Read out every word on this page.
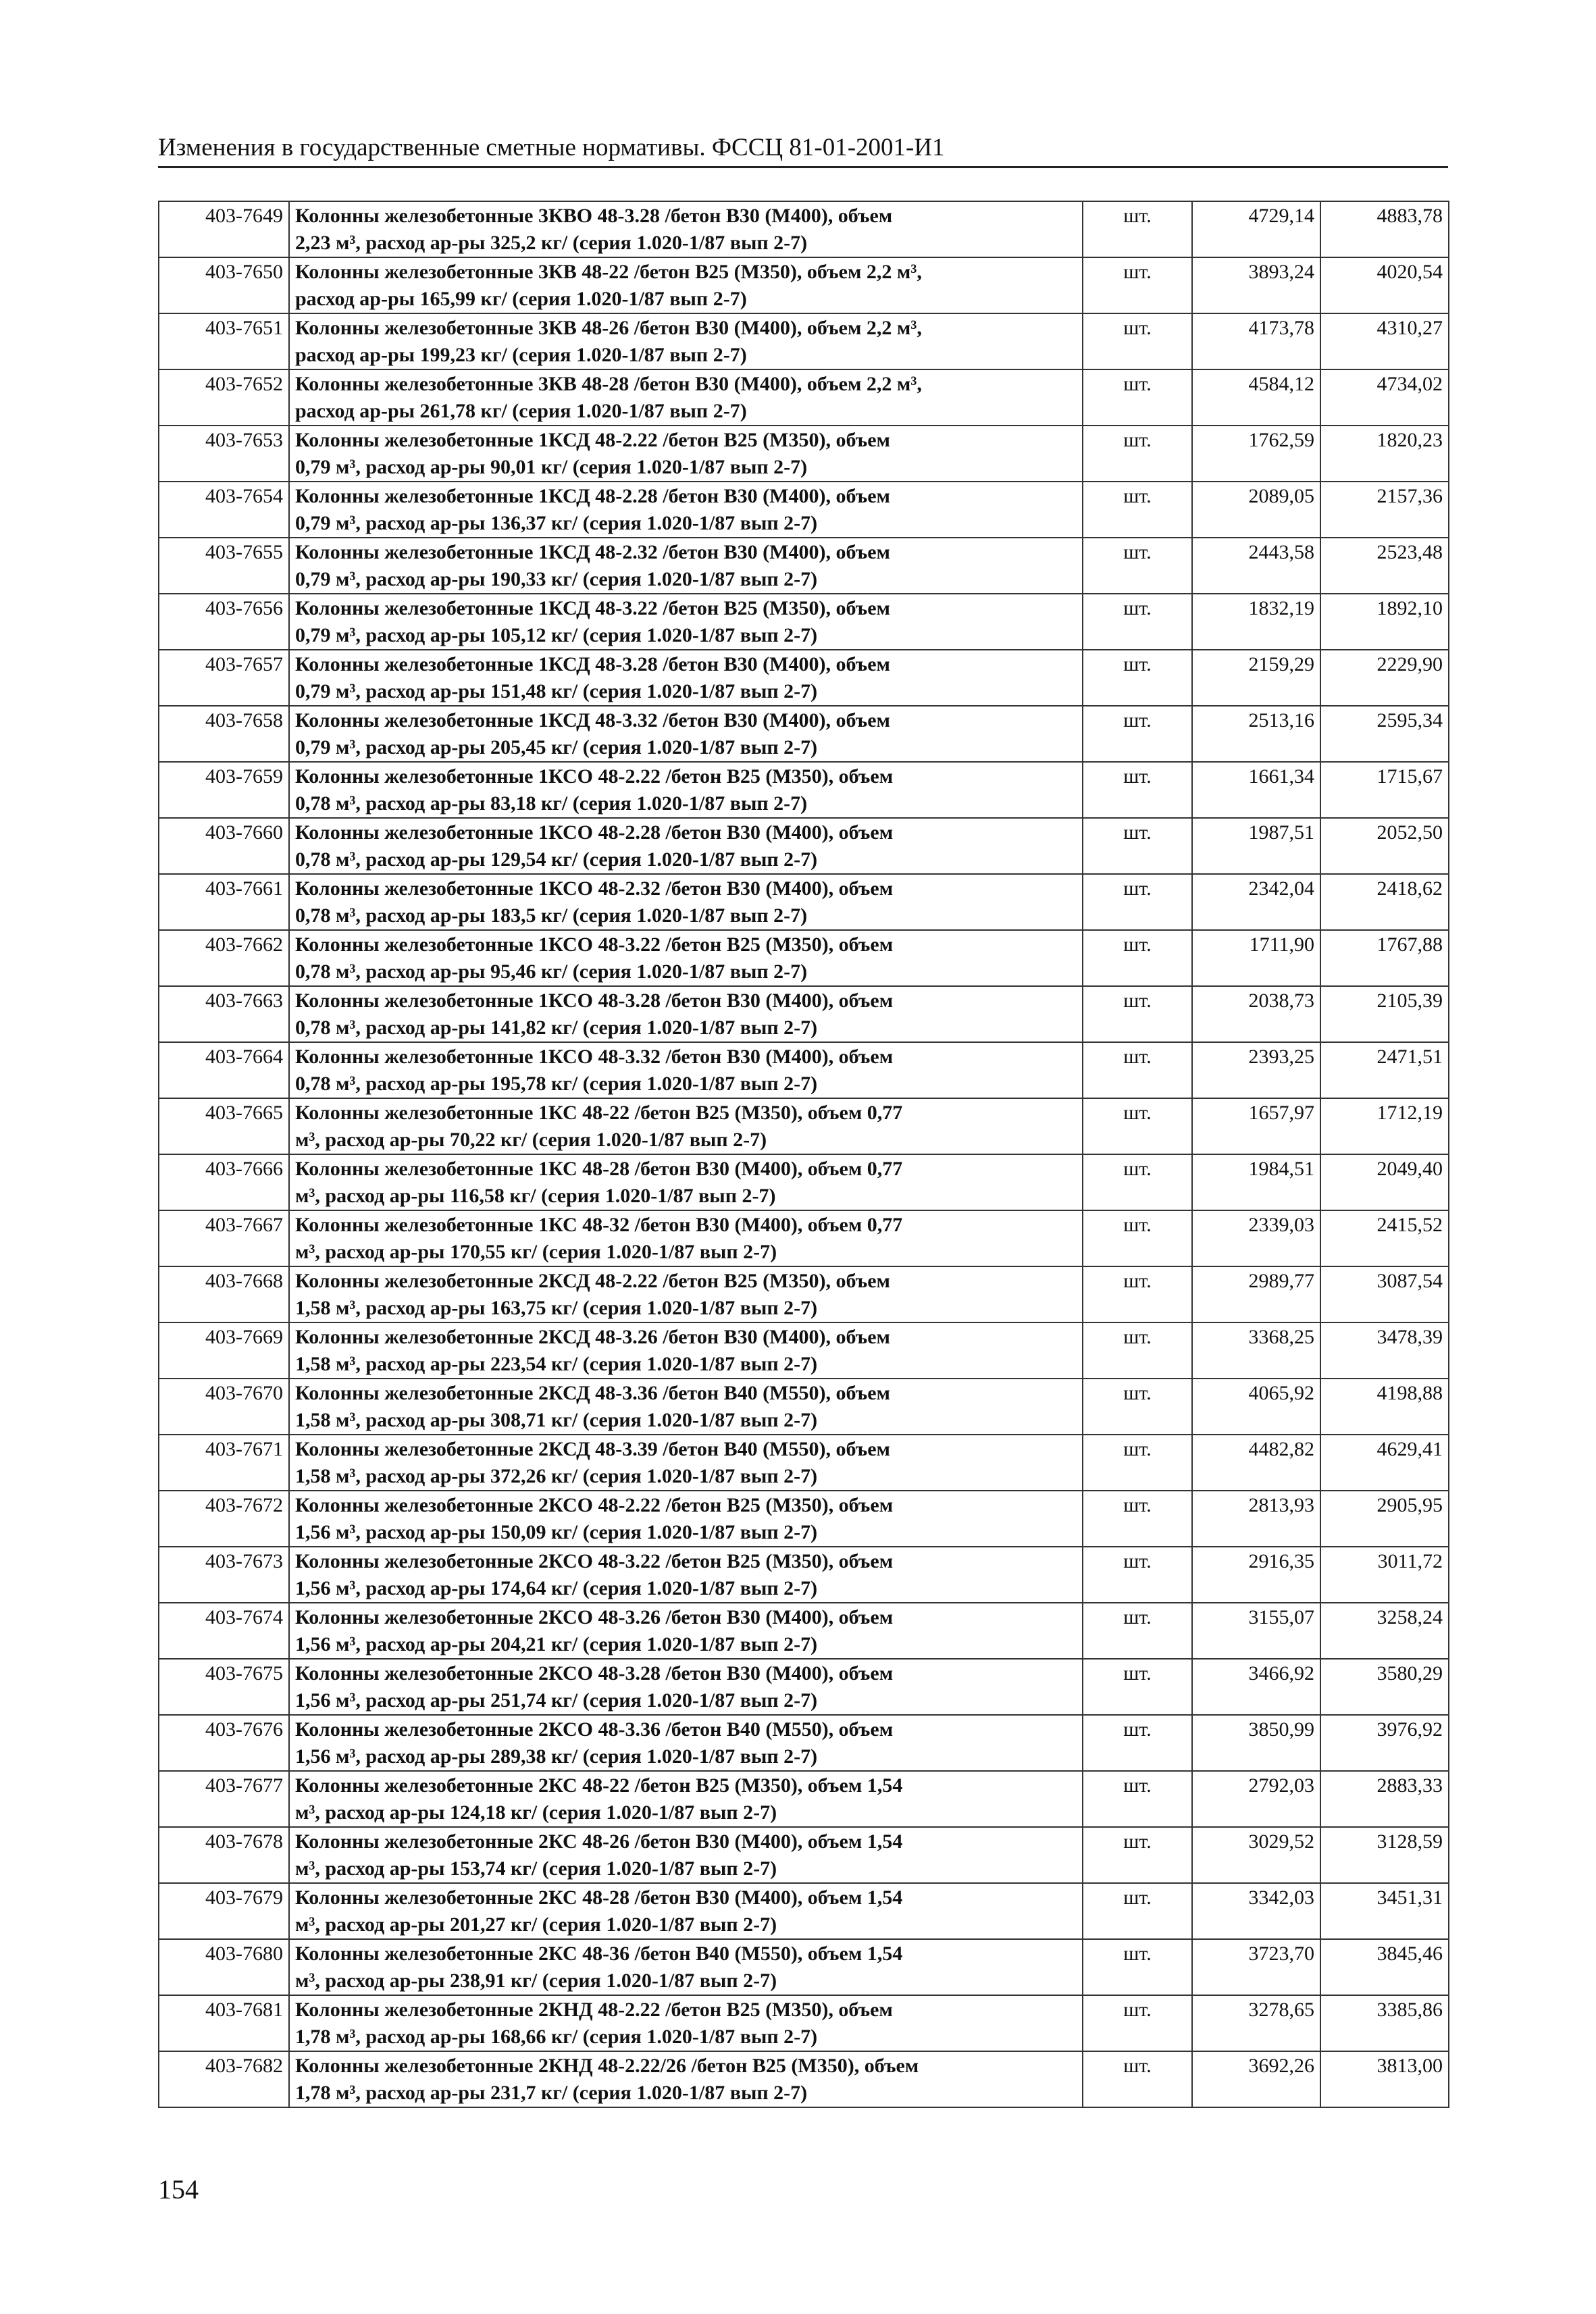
Изменения в государственные сметные нормативы. ФССЦ 81-01-2001-И1
403-7649	Колонны железобетонные 3КВО 48-3.28 /бетон В30 (М400), объем
2,23 м³, расход ар-ры 325,2 кг/ (серия 1.020-1/87 вып 2-7)	шт.	4729,14	4883,78
403-7650	Колонны железобетонные 3КВ 48-22 /бетон В25 (М350), объем 2,2 м³,
расход ар-ры 165,99 кг/ (серия 1.020-1/87 вып 2-7)	шт.	3893,24	4020,54
403-7651	Колонны железобетонные 3КВ 48-26 /бетон В30 (М400), объем 2,2 м³,
расход ар-ры 199,23 кг/ (серия 1.020-1/87 вып 2-7)	шт.	4173,78	4310,27
403-7652	Колонны железобетонные 3КВ 48-28 /бетон В30 (М400), объем 2,2 м³,
расход ар-ры 261,78 кг/ (серия 1.020-1/87 вып 2-7)	шт.	4584,12	4734,02
403-7653	Колонны железобетонные 1КСД 48-2.22 /бетон В25 (М350), объем
0,79 м³, расход ар-ры 90,01 кг/ (серия 1.020-1/87 вып 2-7)	шт.	1762,59	1820,23
403-7654	Колонны железобетонные 1КСД 48-2.28 /бетон В30 (М400), объем
0,79 м³, расход ар-ры 136,37 кг/ (серия 1.020-1/87 вып 2-7)	шт.	2089,05	2157,36
403-7655	Колонны железобетонные 1КСД 48-2.32 /бетон В30 (М400), объем
0,79 м³, расход ар-ры 190,33 кг/ (серия 1.020-1/87 вып 2-7)	шт.	2443,58	2523,48
403-7656	Колонны железобетонные 1КСД 48-3.22 /бетон В25 (М350), объем
0,79 м³, расход ар-ры 105,12 кг/ (серия 1.020-1/87 вып 2-7)	шт.	1832,19	1892,10
403-7657	Колонны железобетонные 1КСД 48-3.28 /бетон В30 (М400), объем
0,79 м³, расход ар-ры 151,48 кг/ (серия 1.020-1/87 вып 2-7)	шт.	2159,29	2229,90
403-7658	Колонны железобетонные 1КСД 48-3.32 /бетон В30 (М400), объем
0,79 м³, расход ар-ры 205,45 кг/ (серия 1.020-1/87 вып 2-7)	шт.	2513,16	2595,34
403-7659	Колонны железобетонные 1КСО 48-2.22 /бетон В25 (М350), объем
0,78 м³, расход ар-ры 83,18 кг/ (серия 1.020-1/87 вып 2-7)	шт.	1661,34	1715,67
403-7660	Колонны железобетонные 1КСО 48-2.28 /бетон В30 (М400), объем
0,78 м³, расход ар-ры 129,54 кг/ (серия 1.020-1/87 вып 2-7)	шт.	1987,51	2052,50
403-7661	Колонны железобетонные 1КСО 48-2.32 /бетон В30 (М400), объем
0,78 м³, расход ар-ры 183,5 кг/ (серия 1.020-1/87 вып 2-7)	шт.	2342,04	2418,62
403-7662	Колонны железобетонные 1КСО 48-3.22 /бетон В25 (М350), объем
0,78 м³, расход ар-ры 95,46 кг/ (серия 1.020-1/87 вып 2-7)	шт.	1711,90	1767,88
403-7663	Колонны железобетонные 1КСО 48-3.28 /бетон В30 (М400), объем
0,78 м³, расход ар-ры 141,82 кг/ (серия 1.020-1/87 вып 2-7)	шт.	2038,73	2105,39
403-7664	Колонны железобетонные 1КСО 48-3.32 /бетон В30 (М400), объем
0,78 м³, расход ар-ры 195,78 кг/ (серия 1.020-1/87 вып 2-7)	шт.	2393,25	2471,51
403-7665	Колонны железобетонные 1КС 48-22 /бетон В25 (М350), объем 0,77
м³, расход ар-ры 70,22 кг/ (серия 1.020-1/87 вып 2-7)	шт.	1657,97	1712,19
403-7666	Колонны железобетонные 1КС 48-28 /бетон В30 (М400), объем 0,77
м³, расход ар-ры 116,58 кг/ (серия 1.020-1/87 вып 2-7)	шт.	1984,51	2049,40
403-7667	Колонны железобетонные 1КС 48-32 /бетон В30 (М400), объем 0,77
м³, расход ар-ры 170,55 кг/ (серия 1.020-1/87 вып 2-7)	шт.	2339,03	2415,52
403-7668	Колонны железобетонные 2КСД 48-2.22 /бетон В25 (М350), объем
1,58 м³, расход ар-ры 163,75 кг/ (серия 1.020-1/87 вып 2-7)	шт.	2989,77	3087,54
403-7669	Колонны железобетонные 2КСД 48-3.26 /бетон В30 (М400), объем
1,58 м³, расход ар-ры 223,54 кг/ (серия 1.020-1/87 вып 2-7)	шт.	3368,25	3478,39
403-7670	Колонны железобетонные 2КСД 48-3.36 /бетон В40 (М550), объем
1,58 м³, расход ар-ры 308,71 кг/ (серия 1.020-1/87 вып 2-7)	шт.	4065,92	4198,88
403-7671	Колонны железобетонные 2КСД 48-3.39 /бетон В40 (М550), объем
1,58 м³, расход ар-ры 372,26 кг/ (серия 1.020-1/87 вып 2-7)	шт.	4482,82	4629,41
403-7672	Колонны железобетонные 2КСО 48-2.22 /бетон В25 (М350), объем
1,56 м³, расход ар-ры 150,09 кг/ (серия 1.020-1/87 вып 2-7)	шт.	2813,93	2905,95
403-7673	Колонны железобетонные 2КСО 48-3.22 /бетон В25 (М350), объем
1,56 м³, расход ар-ры 174,64 кг/ (серия 1.020-1/87 вып 2-7)	шт.	2916,35	3011,72
403-7674	Колонны железобетонные 2КСО 48-3.26 /бетон В30 (М400), объем
1,56 м³, расход ар-ры 204,21 кг/ (серия 1.020-1/87 вып 2-7)	шт.	3155,07	3258,24
403-7675	Колонны железобетонные 2КСО 48-3.28 /бетон В30 (М400), объем
1,56 м³, расход ар-ры 251,74 кг/ (серия 1.020-1/87 вып 2-7)	шт.	3466,92	3580,29
403-7676	Колонны железобетонные 2КСО 48-3.36 /бетон В40 (М550), объем
1,56 м³, расход ар-ры 289,38 кг/ (серия 1.020-1/87 вып 2-7)	шт.	3850,99	3976,92
403-7677	Колонны железобетонные 2КС 48-22 /бетон В25 (М350), объем 1,54
м³, расход ар-ры 124,18 кг/ (серия 1.020-1/87 вып 2-7)	шт.	2792,03	2883,33
403-7678	Колонны железобетонные 2КС 48-26 /бетон В30 (М400), объем 1,54
м³, расход ар-ры 153,74 кг/ (серия 1.020-1/87 вып 2-7)	шт.	3029,52	3128,59
403-7679	Колонны железобетонные 2КС 48-28 /бетон В30 (М400), объем 1,54
м³, расход ар-ры 201,27 кг/ (серия 1.020-1/87 вып 2-7)	шт.	3342,03	3451,31
403-7680	Колонны железобетонные 2КС 48-36 /бетон В40 (М550), объем 1,54
м³, расход ар-ры 238,91 кг/ (серия 1.020-1/87 вып 2-7)	шт.	3723,70	3845,46
403-7681	Колонны железобетонные 2КНД 48-2.22 /бетон В25 (М350), объем
1,78 м³, расход ар-ры 168,66 кг/ (серия 1.020-1/87 вып 2-7)	шт.	3278,65	3385,86
403-7682	Колонны железобетонные 2КНД 48-2.22/26 /бетон В25 (М350), объем
1,78 м³, расход ар-ры 231,7 кг/ (серия 1.020-1/87 вып 2-7)	шт.	3692,26	3813,00
154
